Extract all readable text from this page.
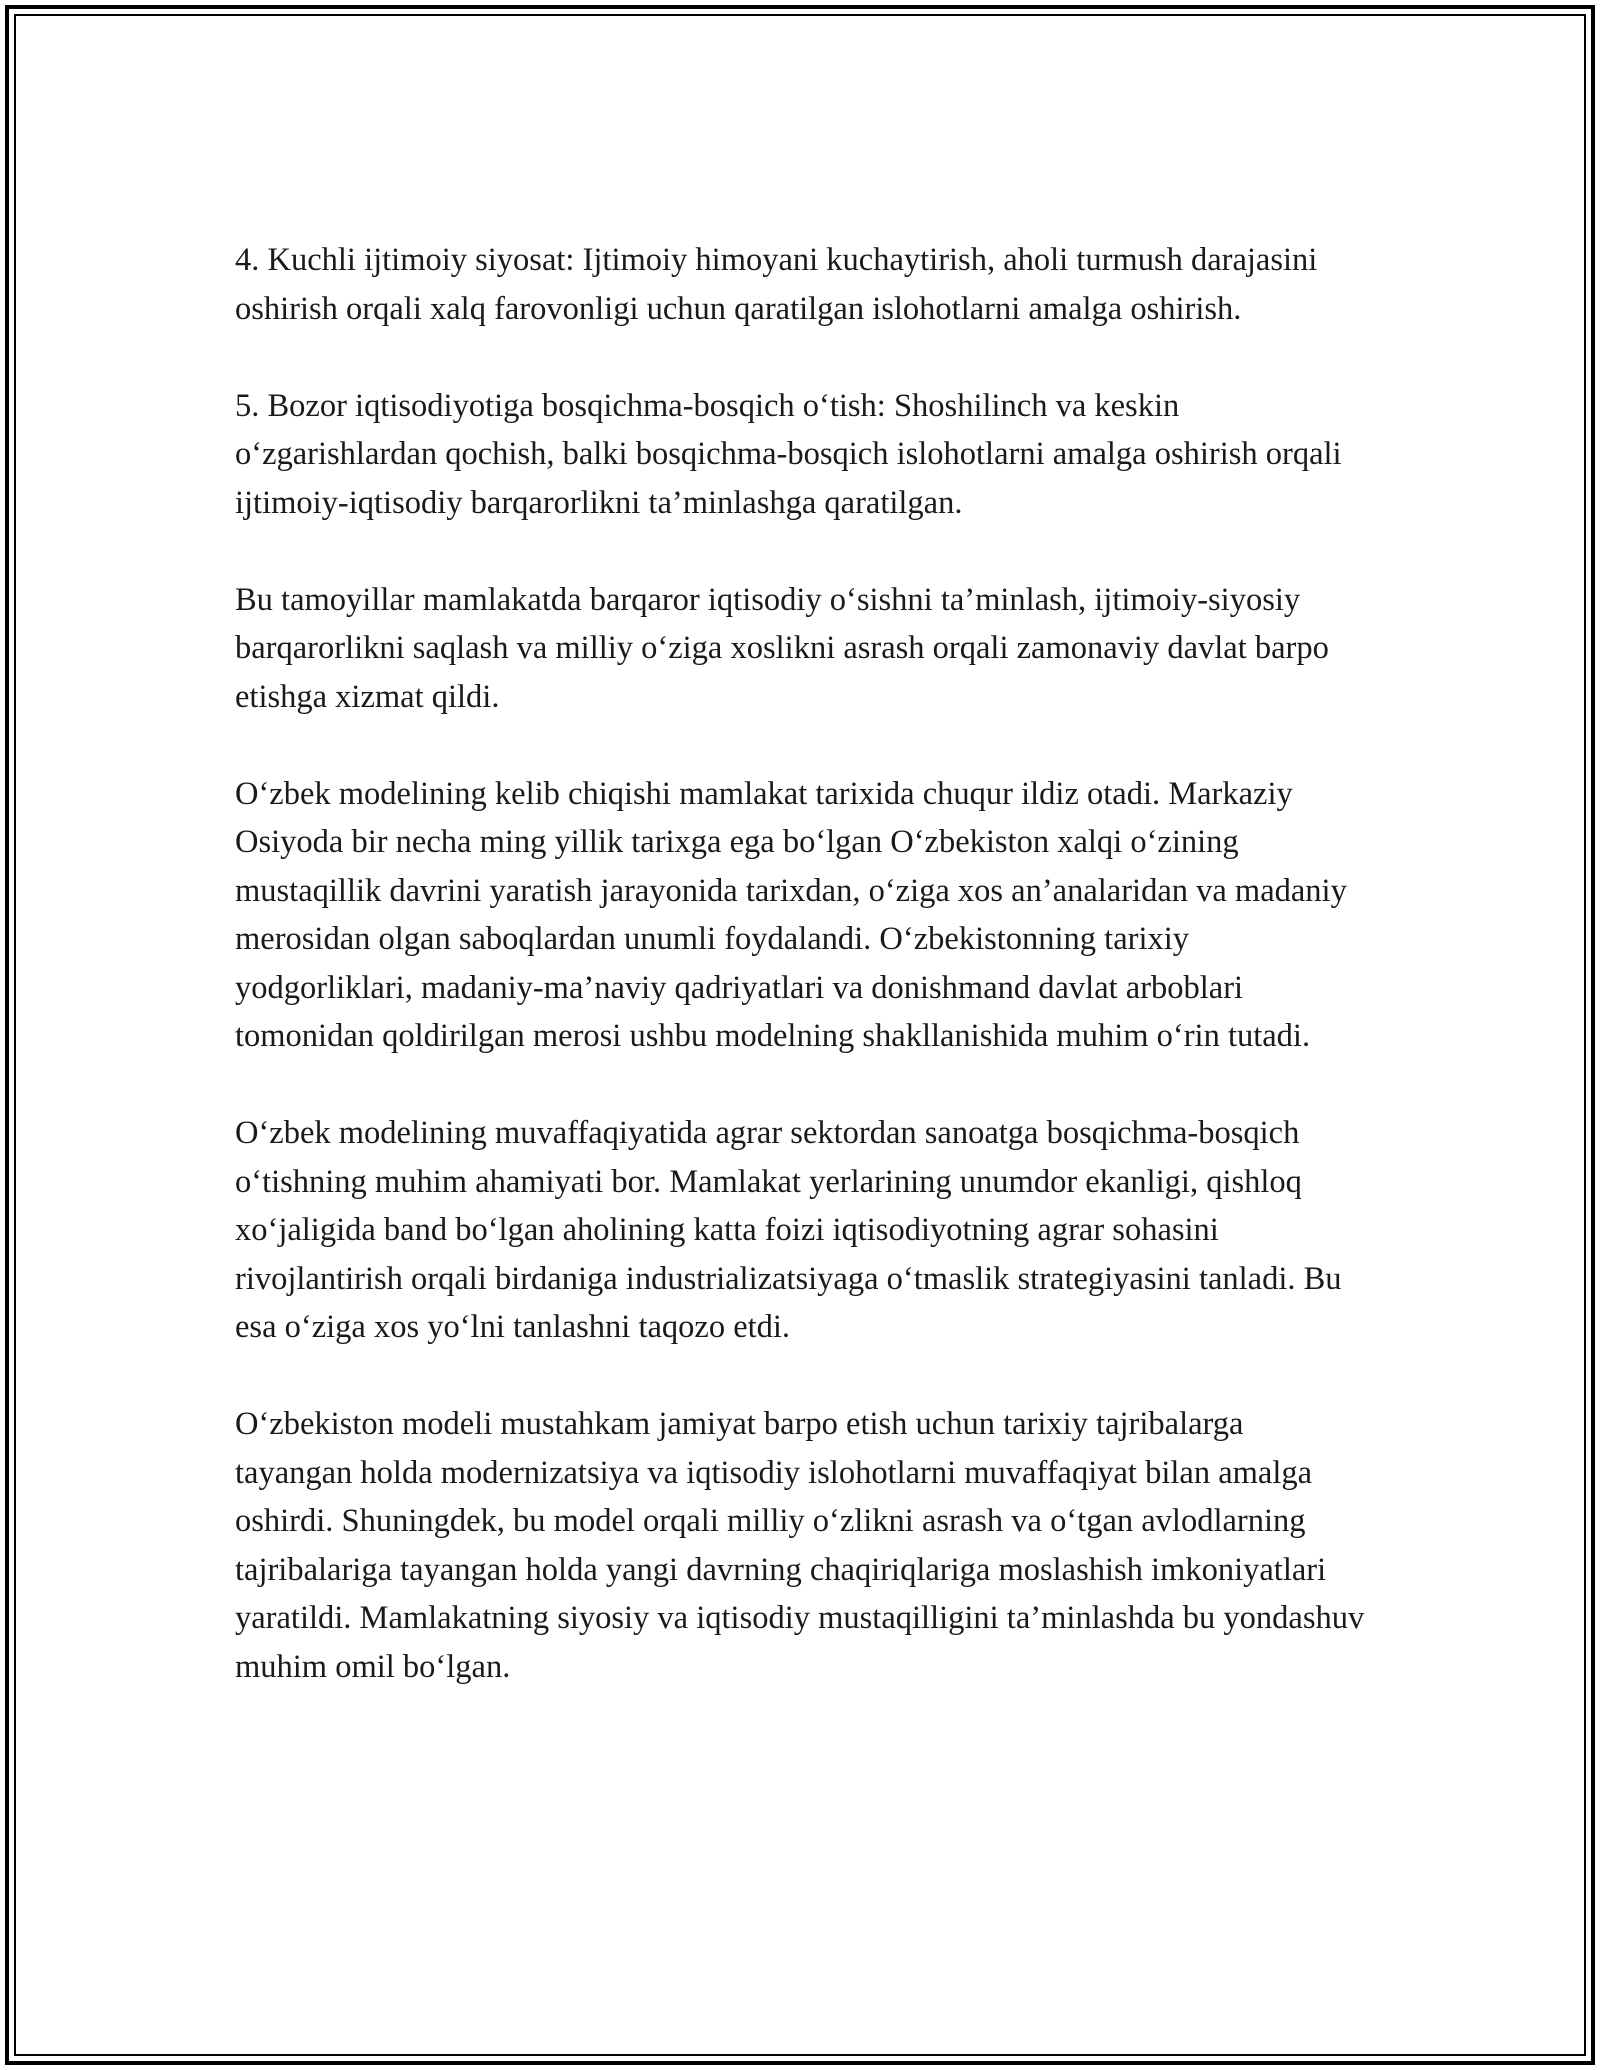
4. Kuchli ijtimoiy siyosat: Ijtimoiy himoyani kuchaytirish, aholi turmush darajasini oshirish orqali xalq farovonligi uchun qaratilgan islohotlarni amalga oshirish.

5. Bozor iqtisodiyotiga bosqichma-bosqich o‘tish: Shoshilinch va keskin o‘zgarishlardan qochish, balki bosqichma-bosqich islohotlarni amalga oshirish orqali ijtimoiy-iqtisodiy barqarorlikni ta’minlashga qaratilgan.

Bu tamoyillar mamlakatda barqaror iqtisodiy o‘sishni ta’minlash, ijtimoiy-siyosiy barqarorlikni saqlash va milliy o‘ziga xoslikni asrash orqali zamonaviy davlat barpo etishga xizmat qildi.

O‘zbek modelining kelib chiqishi mamlakat tarixida chuqur ildiz otadi. Markaziy Osiyoda bir necha ming yillik tarixga ega bo‘lgan O‘zbekiston xalqi o‘zining mustaqillik davrini yaratish jarayonida tarixdan, o‘ziga xos an’analaridan va madaniy merosidan olgan saboqlardan unumli foydalandi. O‘zbekistonning tarixiy yodgorliklari, madaniy-ma’naviy qadriyatlari va donishmand davlat arboblari tomonidan qoldirilgan merosi ushbu modelning shakllanishida muhim o‘rin tutadi.

O‘zbek modelining muvaffaqiyatida agrar sektordan sanoatga bosqichma-bosqich o‘tishning muhim ahamiyati bor. Mamlakat yerlarining unumdor ekanligi, qishloq xo‘jaligida band bo‘lgan aholining katta foizi iqtisodiyotning agrar sohasini rivojlantirish orqali birdaniga industrializatsiyaga o‘tmaslik strategiyasini tanladi. Bu esa o‘ziga xos yo‘lni tanlashni taqozo etdi.

O‘zbekiston modeli mustahkam jamiyat barpo etish uchun tarixiy tajribalarga tayangan holda modernizatsiya va iqtisodiy islohotlarni muvaffaqiyat bilan amalga oshirdi. Shuningdek, bu model orqali milliy o‘zlikni asrash va o‘tgan avlodlarning tajribalariga tayangan holda yangi davrning chaqiriqlariga moslashish imkoniyatlari yaratildi. Mamlakatning siyosiy va iqtisodiy mustaqilligini ta’minlashda bu yondashuv muhim omil bo‘lgan.
